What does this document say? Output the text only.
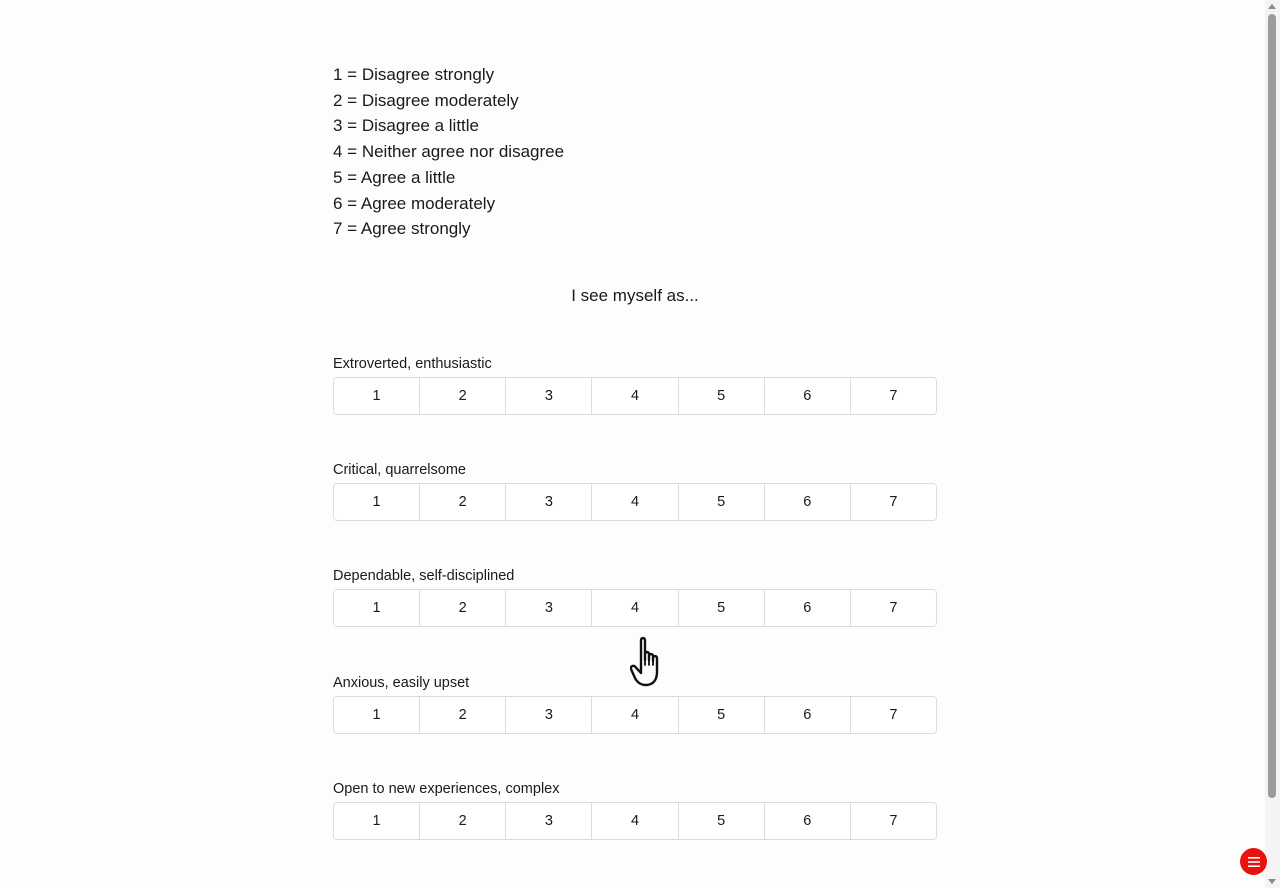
1 = Disagree strongly
2 = Disagree moderately
3 = Disagree a little
4 = Neither agree nor disagree
5 = Agree a little
6 = Agree moderately
7 = Agree strongly
I see myself as...
Extroverted, enthusiastic
1	2	3	4	5	6	7
Critical, quarrelsome
1	2	3	4	5	6	7
Dependable, self-disciplined
1	2	3	4	5	6	7
Anxious, easily upset
1	2	3	4	5	6	7
Open to new experiences, complex
1	2	3	4	5	6	7
